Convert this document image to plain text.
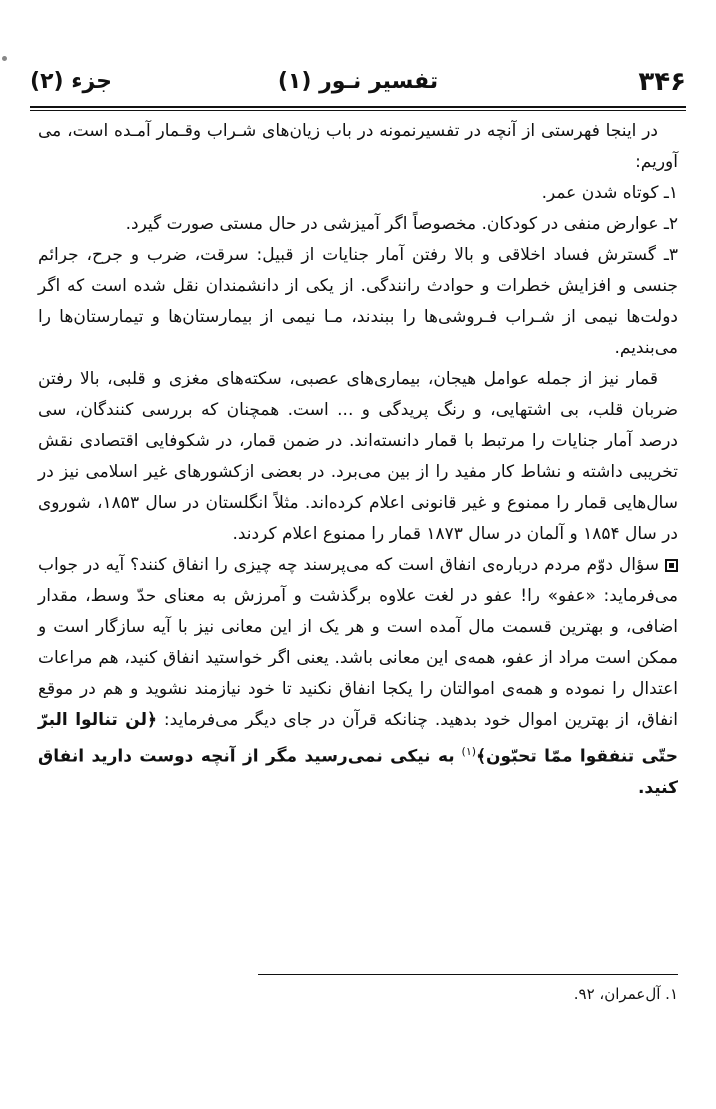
۳۴۶
تفسیر نـور (۱)
جزء (۲)

در اینجا فهرستی از آنچه در تفسیرنمونه در باب زیان‌های شـراب وقـمار آمـده است، می آوریم:

۱ـ کوتاه شدن عمر.

۲ـ عوارض منفی در کودکان. مخصوصاً اگر آمیزشی در حال مستی صورت گیرد.

۳ـ گسترش فساد اخلاقی و بالا رفتن آمار جنایات از قبیل: سرقت، ضرب و جرح، جرائم جنسی و افزایش خطرات و حوادث رانندگی. از یکی از دانشمندان نقل شده است که اگر دولت‌ها نیمی از شـراب فـروشی‌ها را ببندند، مـا نیمی از بیمارستان‌ها و تیمارستان‌ها را می‌بندیم.

قمار نیز از جمله عوامل هیجان، بیماری‌های عصبی، سکته‌های مغزی و قلبی، بالا رفتن ضربان قلب، بی اشتهایی، و رنگ پریدگی و ... است. همچنان که بررسی کنندگان، سی درصد آمار جنایات را مرتبط با قمار دانسته‌اند. در ضمن قمار، در شکوفایی اقتصادی نقش تخریبی داشته و نشاط کار مفید را از بین می‌برد. در بعضی ازکشورهای غیر اسلامی نیز در سال‌هایی قمار را ممنوع و غیر قانونی اعلام کرده‌اند. مثلاً انگلستان در سال ۱۸۵۳، شوروی در سال ۱۸۵۴ و آلمان در سال ۱۸۷۳ قمار را ممنوع اعلام کردند.

سؤال دوّم مردم درباره‌ی انفاق است که می‌پرسند چه چیزی را انفاق کنند؟ آیه در جواب می‌فرماید: «عفو» را! عفو در لغت علاوه برگذشت و آمرزش به معنای حدّ وسط، مقدار اضافی، و بهترین قسمت مال آمده است و هر یک از این معانی نیز با آیه سازگار است و ممکن است مراد از عفو، همه‌ی این معانی باشد. یعنی اگر خواستید انفاق کنید، هم مراعات اعتدال را نموده و همه‌ی اموالتان را یکجا انفاق نکنید تا خود نیازمند نشوید و هم در موقع انفاق، از بهترین اموال خود بدهید. چنانکه قرآن در جای دیگر می‌فرماید: ﴿لن تنالوا البرّ حتّى تنفقوا ممّا تحبّون﴾$^{(۱)}$ به نیکی نمی‌رسید مگر از آنچه دوست دارید انفاق کنید.

۱. آل‌عمران، ۹۲.
